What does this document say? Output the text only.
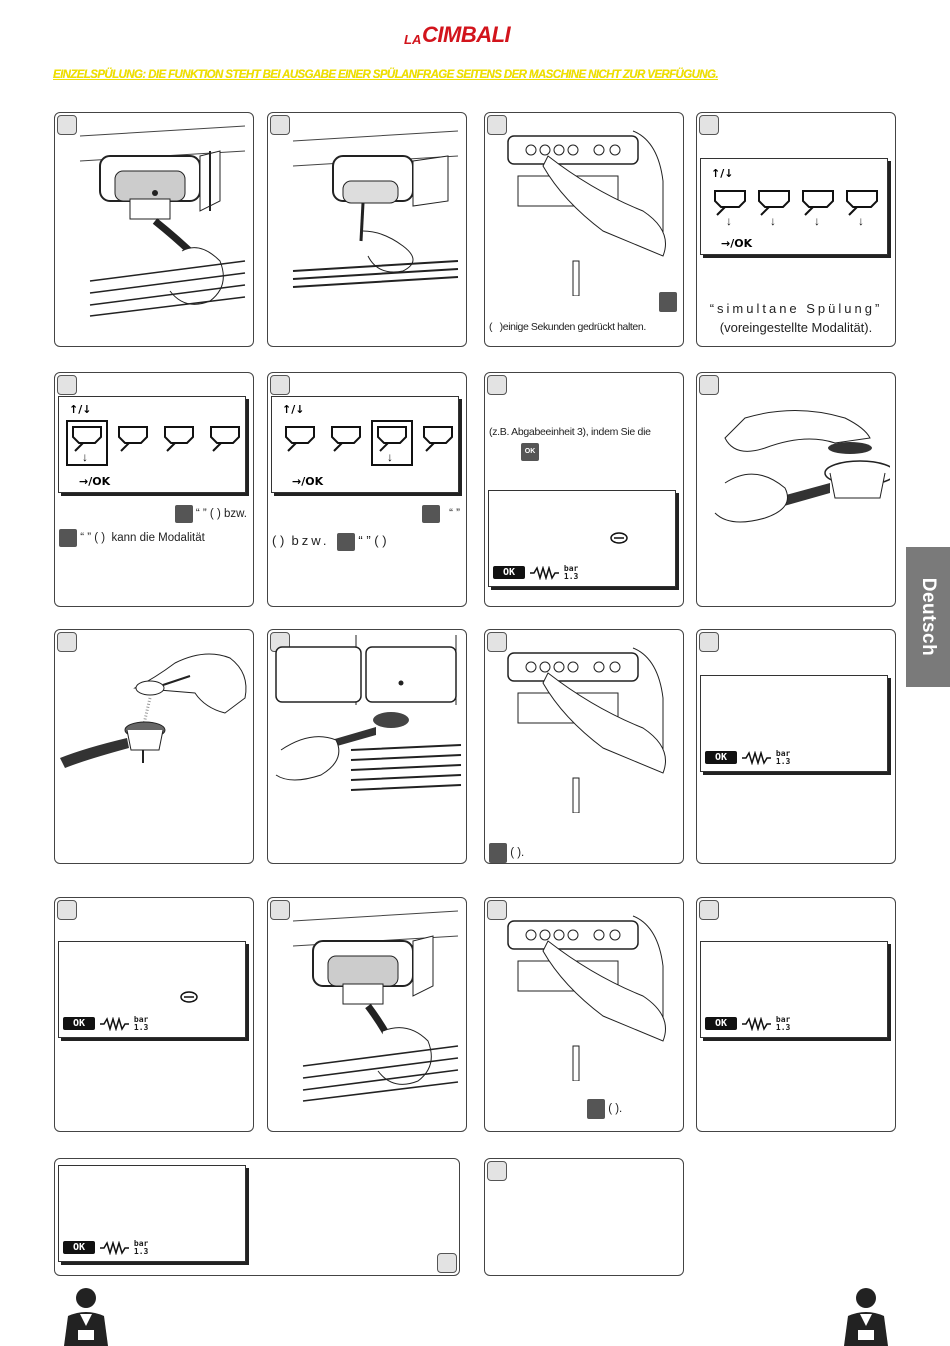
LA CIMBALI
EINZELSPÜLUNG: DIE FUNKTION STEHT BEI AUSGABE EINER SPÜLANFRAGE SEITENS DER MASCHINE NICHT ZUR VERFÜGUNG.
Deutsch
( )einige Sekunden gedrückt halten.
↑/↓
↓	↓	↓	↓
→/OK
“simultane Spülung”
(voreingestellte Modalität).
↑/↓
↓
→/OK
“ ” ( ) bzw.
“ ” ( ) kann die Modalität
↑/↓
↓
→/OK
“ ”
( ) bzw. “ ” ( )
(z.B. Abgabeeinheit 3), indem Sie die
OK
OK	bar
1.3
( ).
OK	bar
1.3
OK	bar
1.3
( ).
OK	bar
1.3
OK	bar
1.3
